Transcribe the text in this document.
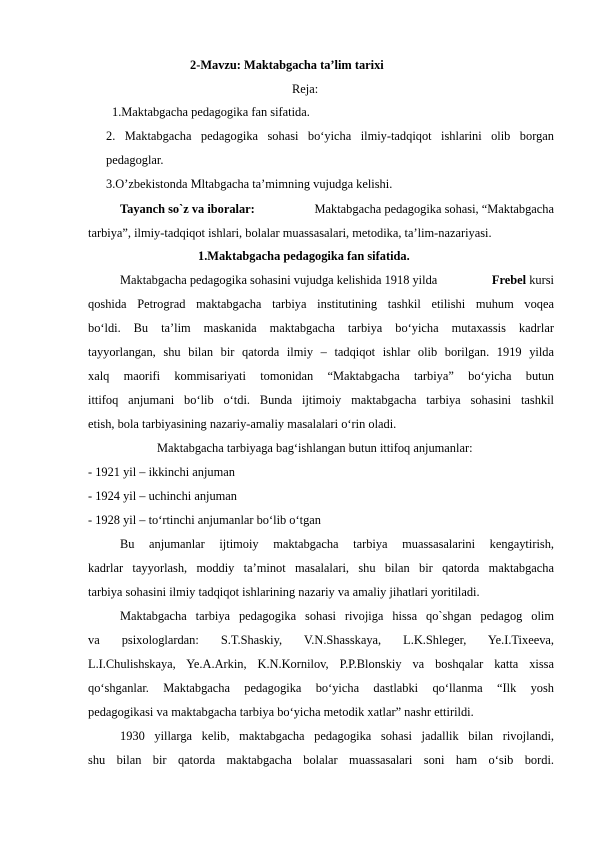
2-Mavzu: Maktabgacha ta’lim tarixi
Reja:
1.Maktabgacha pedagogika fan sifatida.
2. Maktabgacha pedagogika sohasi bo‘yicha ilmiy-tadqiqot ishlarini olib borgan
pedagoglar.
3.O’zbekistonda Mltabgacha ta’mimning vujudga kelishi.
Tayanch so`z va iboralar:	Maktabgacha pedagogika sohasi, “Maktabgacha
tarbiya”, ilmiy-tadqiqot ishlari, bolalar muassasalari, metodika, ta’lim-nazariyasi.
1.Maktabgacha pedagogika fan sifatida.
Maktabgacha pedagogika sohasini vujudga kelishida 1918 yilda	Frebel kursi
qoshida Petrograd maktabgacha tarbiya institutining tashkil etilishi muhum voqea
bo‘ldi. Bu ta’lim maskanida maktabgacha tarbiya bo‘yicha mutaxassis kadrlar
tayyorlangan, shu bilan bir qatorda ilmiy – tadqiqot ishlar olib borilgan. 1919 yilda
xalq maorifi kommisariyati tomonidan “Maktabgacha tarbiya” bo‘yicha butun
ittifoq anjumani bo‘lib o‘tdi. Bunda ijtimoiy maktabgacha tarbiya sohasini tashkil
etish, bola tarbiyasining nazariy-amaliy masalalari o‘rin oladi.
Maktabgacha tarbiyaga bag‘ishlangan butun ittifoq anjumanlar:
- 1921 yil – ikkinchi anjuman
- 1924 yil – uchinchi anjuman
- 1928 yil – to‘rtinchi anjumanlar bo‘lib o‘tgan
Bu anjumanlar ijtimoiy maktabgacha tarbiya muassasalarini kengaytirish,
kadrlar tayyorlash, moddiy ta’minot masalalari, shu bilan bir qatorda maktabgacha
tarbiya sohasini ilmiy tadqiqot ishlarining nazariy va amaliy jihatlari yoritiladi.
Maktabgacha tarbiya pedagogika sohasi rivojiga hissa qo`shgan pedagog olim
va psixologlardan: S.T.Shaskiy, V.N.Shasskaya, L.K.Shleger, Ye.I.Tixeeva,
L.I.Chulishskaya, Ye.A.Arkin, K.N.Kornilov, P.P.Blonskiy va boshqalar katta xissa
qo‘shganlar. Maktabgacha pedagogika bo‘yicha dastlabki qo‘llanma “Ilk yosh
pedagogikasi va maktabgacha tarbiya bo‘yicha metodik xatlar” nashr ettirildi.
1930 yillarga kelib, maktabgacha pedagogika sohasi jadallik bilan rivojlandi,
shu bilan bir qatorda maktabgacha bolalar muassasalari soni ham o‘sib bordi.
